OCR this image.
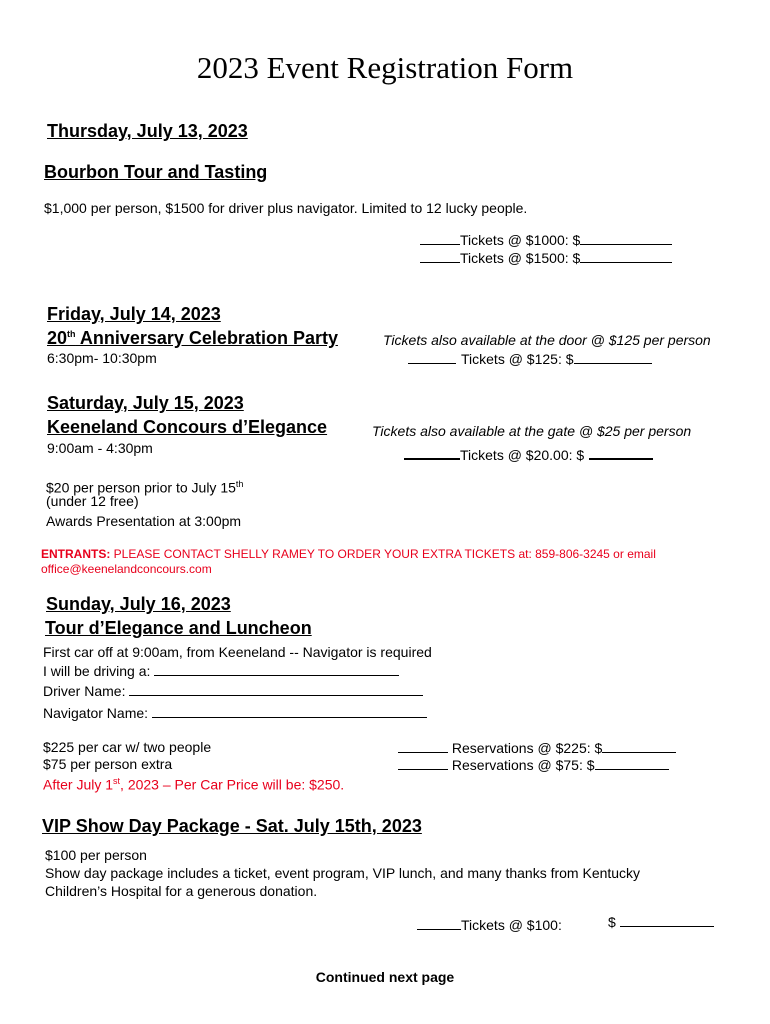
2023 Event Registration Form
Thursday, July 13, 2023
Bourbon Tour and Tasting
$1,000 per person, $1500 for driver plus navigator. Limited to 12 lucky people.
Tickets @ $1000: $
Tickets @ $1500: $
Friday, July 14, 2023
20th Anniversary Celebration Party	Tickets also available at the door @ $125 per person
6:30pm- 10:30pm	Tickets @ $125: $
Saturday, July 15, 2023
Keeneland Concours d’Elegance	Tickets also available at the gate @ $25 per person
9:00am - 4:30pm	Tickets @ $20.00: $
$20 per person prior to July 15th
(under 12 free)
Awards Presentation at 3:00pm
ENTRANTS: PLEASE CONTACT SHELLY RAMEY TO ORDER YOUR EXTRA TICKETS at: 859-806-3245 or email
office@keenelandconcours.com
Sunday, July 16, 2023
Tour d’Elegance and Luncheon
First car off at 9:00am, from Keeneland -- Navigator is required
I will be driving a:
Driver Name:
Navigator Name:
$225 per car w/ two people
$75 per person extra
After July 1st, 2023 – Per Car Price will be: $250.
Reservations @ $225: $
Reservations @ $75: $
VIP Show Day Package - Sat. July 15th, 2023
$100 per person
Show day package includes a ticket, event program, VIP lunch, and many thanks from Kentucky
Children’s Hospital for a generous donation.
Tickets @ $100:	$
Continued next page
